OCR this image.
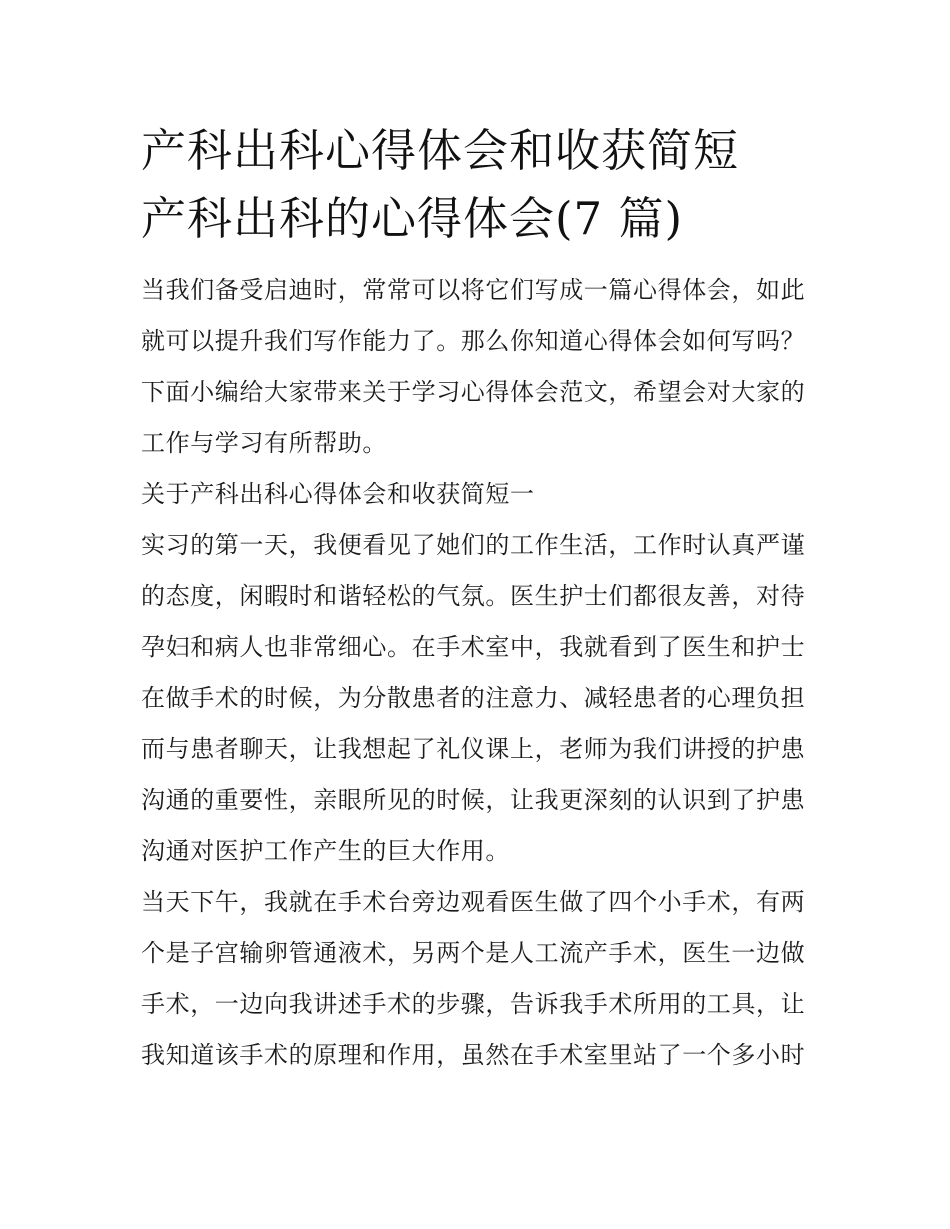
产科出科心得体会和收获简短
产科出科的心得体会(7 篇)
当我们备受启迪时，常常可以将它们写成一篇心得体会，如此
就可以提升我们写作能力了。那么你知道心得体会如何写吗？
下面小编给大家带来关于学习心得体会范文，希望会对大家的
工作与学习有所帮助。
关于产科出科心得体会和收获简短一
实习的第一天，我便看见了她们的工作生活，工作时认真严谨
的态度，闲暇时和谐轻松的气氛。医生护士们都很友善，对待
孕妇和病人也非常细心。在手术室中，我就看到了医生和护士
在做手术的时候，为分散患者的注意力、减轻患者的心理负担
而与患者聊天，让我想起了礼仪课上，老师为我们讲授的护患
沟通的重要性，亲眼所见的时候，让我更深刻的认识到了护患
沟通对医护工作产生的巨大作用。
当天下午，我就在手术台旁边观看医生做了四个小手术，有两
个是子宫输卵管通液术，另两个是人工流产手术，医生一边做
手术，一边向我讲述手术的步骤，告诉我手术所用的工具，让
我知道该手术的原理和作用，虽然在手术室里站了一个多小时
